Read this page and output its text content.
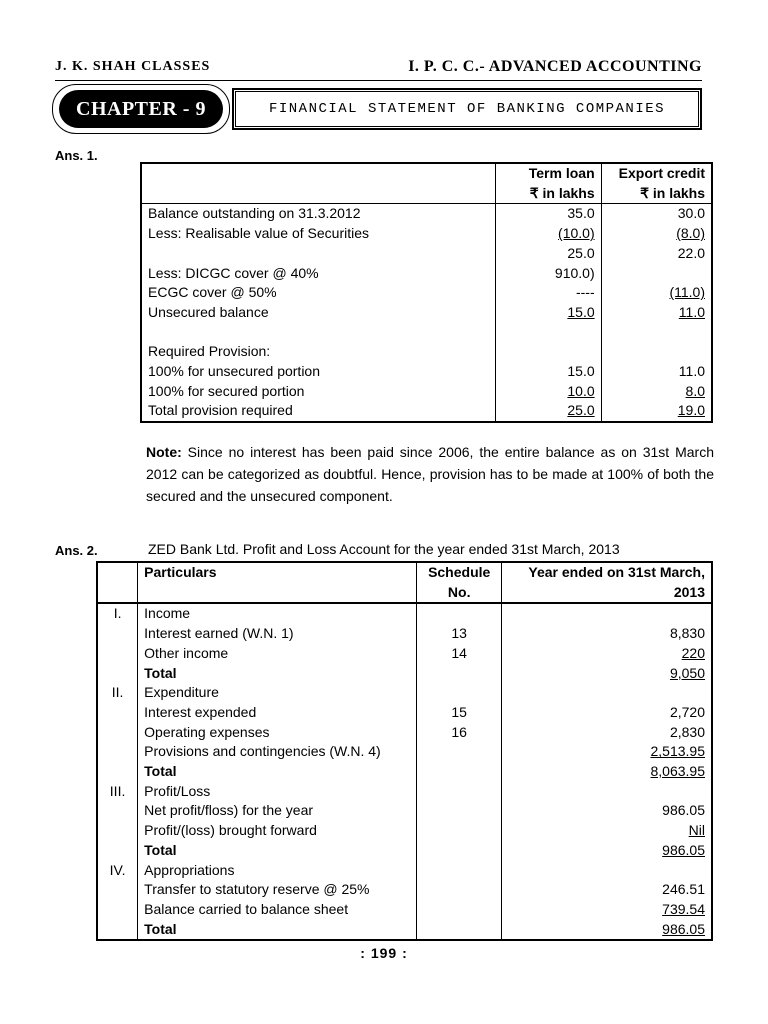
J. K. SHAH CLASSES	I. P. C. C.- ADVANCED ACCOUNTING
CHAPTER - 9	FINANCIAL STATEMENT OF BANKING COMPANIES
Ans. 1.
	Term loan	Export credit
	₹ in lakhs	₹ in lakhs
Balance outstanding on 31.3.2012	35.0	30.0
Less: Realisable value of Securities	(10.0)	(8.0)
	25.0	22.0
Less: DICGC cover @ 40%	910.0)	
ECGC cover @ 50%	----	(11.0)
Unsecured balance	15.0	11.0

Required Provision:		
100% for unsecured portion	15.0	11.0
100% for secured portion	10.0	8.0
Total provision required	25.0	19.0
Note: Since no interest has been paid since 2006, the entire balance as on 31st March 2012 can be categorized as doubtful. Hence, provision has to be made at 100% of both the secured and the unsecured component.
Ans. 2.	ZED Bank Ltd. Profit and Loss Account for the year ended 31st March, 2013
	Particulars	Schedule	Year ended on 31st March,
		No.	2013
I.	Income		
	Interest earned (W.N. 1)	13	8,830
	Other income	14	220
	Total		9,050
II.	Expenditure		
	Interest expended	15	2,720
	Operating expenses	16	2,830
	Provisions and contingencies (W.N. 4)		2,513.95
	Total		8,063.95
III.	Profit/Loss		
	Net profit/floss) for the year		986.05
	Profit/(loss) brought forward		Nil
	Total		986.05
IV.	Appropriations		
	Transfer to statutory reserve @ 25%		246.51
	Balance carried to balance sheet		739.54
	Total		986.05
: 199 :
